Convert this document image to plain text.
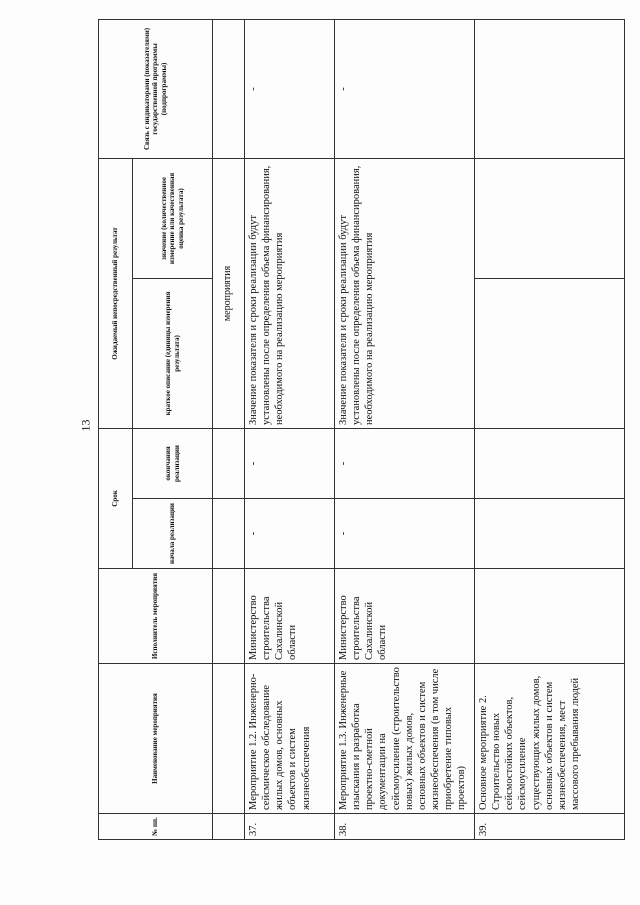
13
№ пп.	Наименование мероприятия	Исполнитель мероприятия	Срок		Ожидаемый непосредственный результат		Связь с индикаторами (показателями) государственной программы (подпрограммы)
			начала реализации	окончания реализации	краткое описание (единицы измерения результата)	значение (количественное измерение или качественная оценка результата)	
					мероприятия		
37.	Мероприятие 1.2. Инженерно-сейсмическое обследование жилых домов, основных объектов и систем жизнеобеспечения	Министерство строительства Сахалинской области	-	-	Значение показателя и сроки реализации будут установлены после определения объема финансирования, необходимого на реализацию мероприятия		-
38.	Мероприятие 1.3. Инженерные изыскания и разработка проектно-сметной документации на сейсмоусиление (строительство новых) жилых домов, основных объектов и систем жизнеобеспечения (в том числе приобретение типовых проектов)	Министерство строительства Сахалинской области	-	-	Значение показателя и сроки реализации будут установлены после определения объема финансирования, необходимого на реализацию мероприятия		-
39.	Основное мероприятие 2. Строительство новых сейсмостойких объектов, сейсмоусиление существующих жилых домов, основных объектов и систем жизнеобеспечения, мест массового пребывания людей						
